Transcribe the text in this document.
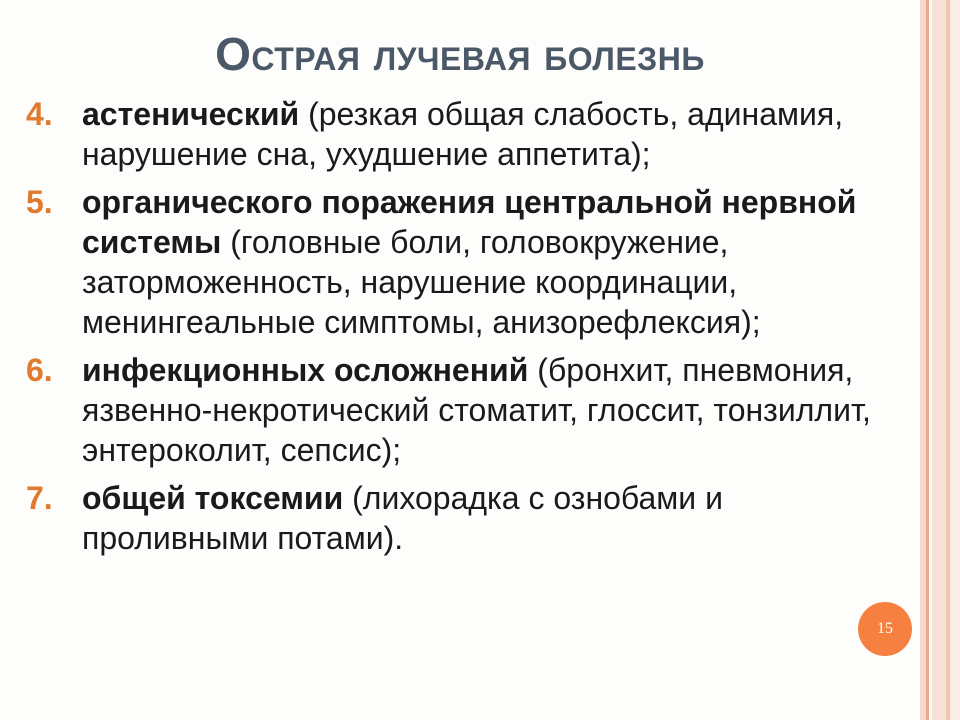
Острая лучевая болезнь
4. астенический (резкая общая слабость, адинамия, нарушение сна, ухудшение аппетита);
5. органического поражения центральной нервной системы (головные боли, головокружение, заторможенность, нарушение координации, менингеальные симптомы, анизорефлексия);
6. инфекционных осложнений (бронхит, пневмония, язвенно-некротический стоматит, глоссит, тонзиллит, энтероколит, сепсис);
7. общей токсемии (лихорадка с ознобами и проливными потами).
15
